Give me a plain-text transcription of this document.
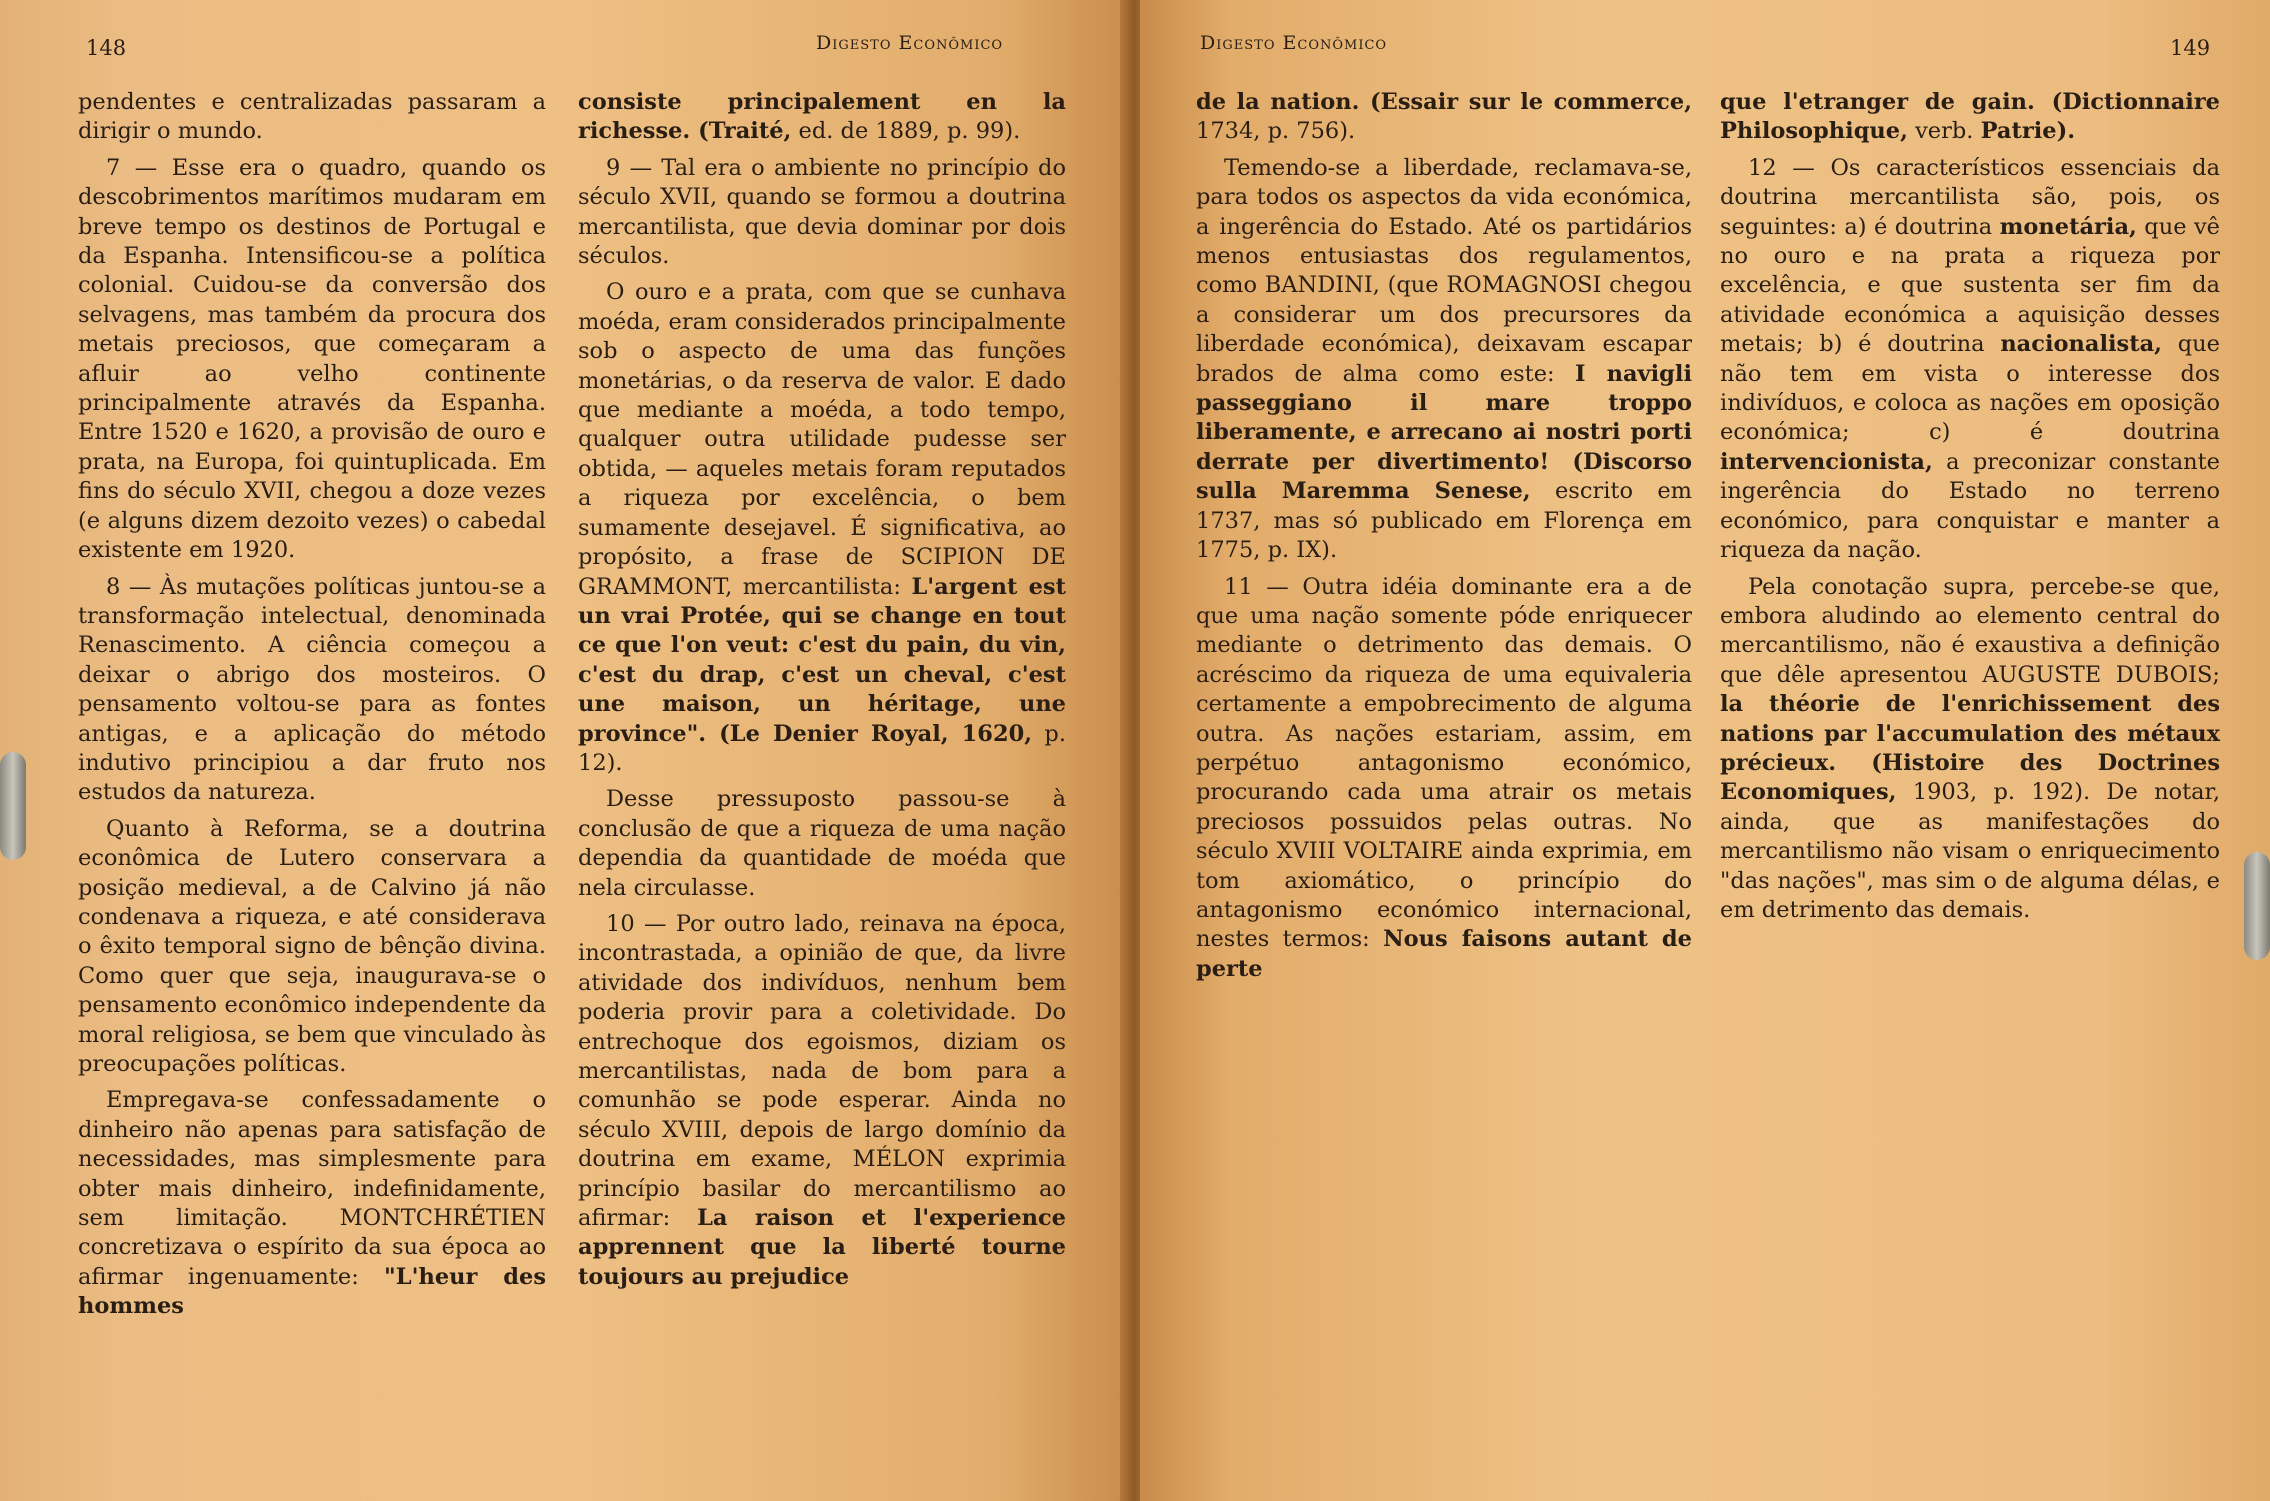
148	Digesto Econômico

pendentes e centralizadas passaram a dirigir o mundo.

7 — Esse era o quadro, quando os descobrimentos marítimos mudaram em breve tempo os destinos de Portugal e da Espanha. Intensificou-se a política colonial. Cuidou-se da conversão dos selvagens, mas também da procura dos metais preciosos, que começaram a afluir ao velho continente principalmente através da Espanha. Entre 1520 e 1620, a provisão de ouro e prata, na Europa, foi quintuplicada. Em fins do século XVII, chegou a doze vezes (e alguns dizem dezoito vezes) o cabedal existente em 1920.

8 — Às mutações políticas juntou-se a transformação intelectual, denominada Renascimento. A ciência começou a deixar o abrigo dos mosteiros. O pensamento voltou-se para as fontes antigas, e a aplicação do método indutivo principiou a dar fruto nos estudos da natureza.

Quanto à Reforma, se a doutrina econômica de Lutero conservara a posição medieval, a de Calvino já não condenava a riqueza, e até considerava o êxito temporal signo de bênção divina. Como quer que seja, inaugurava-se o pensamento econômico independente da moral religiosa, se bem que vinculado às preocupações políticas.

Empregava-se confessadamente o dinheiro não apenas para satisfação de necessidades, mas simplesmente para obter mais dinheiro, indefinidamente, sem limitação. MONTCHRÉTIEN concretizava o espírito da sua época ao afirmar ingenuamente: "L'heur des hommes

consiste principalement en la richesse. (Traité, ed. de 1889, p. 99).

9 — Tal era o ambiente no princípio do século XVII, quando se formou a doutrina mercantilista, que devia dominar por dois séculos.

O ouro e a prata, com que se cunhava moéda, eram considerados principalmente sob o aspecto de uma das funções monetárias, o da reserva de valor. E dado que mediante a moéda, a todo tempo, qualquer outra utilidade pudesse ser obtida, — aqueles metais foram reputados a riqueza por excelência, o bem sumamente desejavel. É significativa, ao propósito, a frase de SCIPION DE GRAMMONT, mercantilista: L'argent est un vrai Protée, qui se change en tout ce que l'on veut: c'est du pain, du vin, c'est du drap, c'est un cheval, c'est une maison, un héritage, une province". (Le Denier Royal, 1620, p. 12).

Desse pressuposto passou-se à conclusão de que a riqueza de uma nação dependia da quantidade de moéda que nela circulasse.

10 — Por outro lado, reinava na época, incontrastada, a opinião de que, da livre atividade dos indivíduos, nenhum bem poderia provir para a coletividade. Do entrechoque dos egoismos, diziam os mercantilistas, nada de bom para a comunhão se pode esperar. Ainda no século XVIII, depois de largo domínio da doutrina em exame, MÉLON exprimia princípio basilar do mercantilismo ao afirmar: La raison et l'experience apprennent que la liberté tourne toujours au prejudice

Digesto Econômico	149

de la nation. (Essair sur le commerce, 1734, p. 756).

Temendo-se a liberdade, reclamava-se, para todos os aspectos da vida económica, a ingerência do Estado. Até os partidários menos entusiastas dos regulamentos, como BANDINI, (que ROMAGNOSI chegou a considerar um dos precursores da liberdade económica), deixavam escapar brados de alma como este: I navigli passeggiano il mare troppo liberamente, e arrecano ai nostri porti derrate per divertimento! (Discorso sulla Maremma Senese, escrito em 1737, mas só publicado em Florença em 1775, p. IX).

11 — Outra idéia dominante era a de que uma nação somente póde enriquecer mediante o detrimento das demais. O acréscimo da riqueza de uma equivaleria certamente a empobrecimento de alguma outra. As nações estariam, assim, em perpétuo antagonismo económico, procurando cada uma atrair os metais preciosos possuidos pelas outras. No século XVIII VOLTAIRE ainda exprimia, em tom axiomático, o princípio do antagonismo económico internacional, nestes termos: Nous faisons autant de perte

que l'etranger de gain. (Dictionnaire Philosophique, verb. Patrie).

12 — Os característicos essenciais da doutrina mercantilista são, pois, os seguintes: a) é doutrina monetária, que vê no ouro e na prata a riqueza por excelência, e que sustenta ser fim da atividade económica a aquisição desses metais; b) é doutrina nacionalista, que não tem em vista o interesse dos indivíduos, e coloca as nações em oposição económica; c) é doutrina intervencionista, a preconizar constante ingerência do Estado no terreno económico, para conquistar e manter a riqueza da nação.

Pela conotação supra, percebe-se que, embora aludindo ao elemento central do mercantilismo, não é exaustiva a definição que dêle apresentou AUGUSTE DUBOIS; la théorie de l'enrichissement des nations par l'accumulation des métaux précieux. (Histoire des Doctrines Economiques, 1903, p. 192). De notar, ainda, que as manifestações do mercantilismo não visam o enriquecimento "das nações", mas sim o de alguma délas, e em detrimento das demais.
